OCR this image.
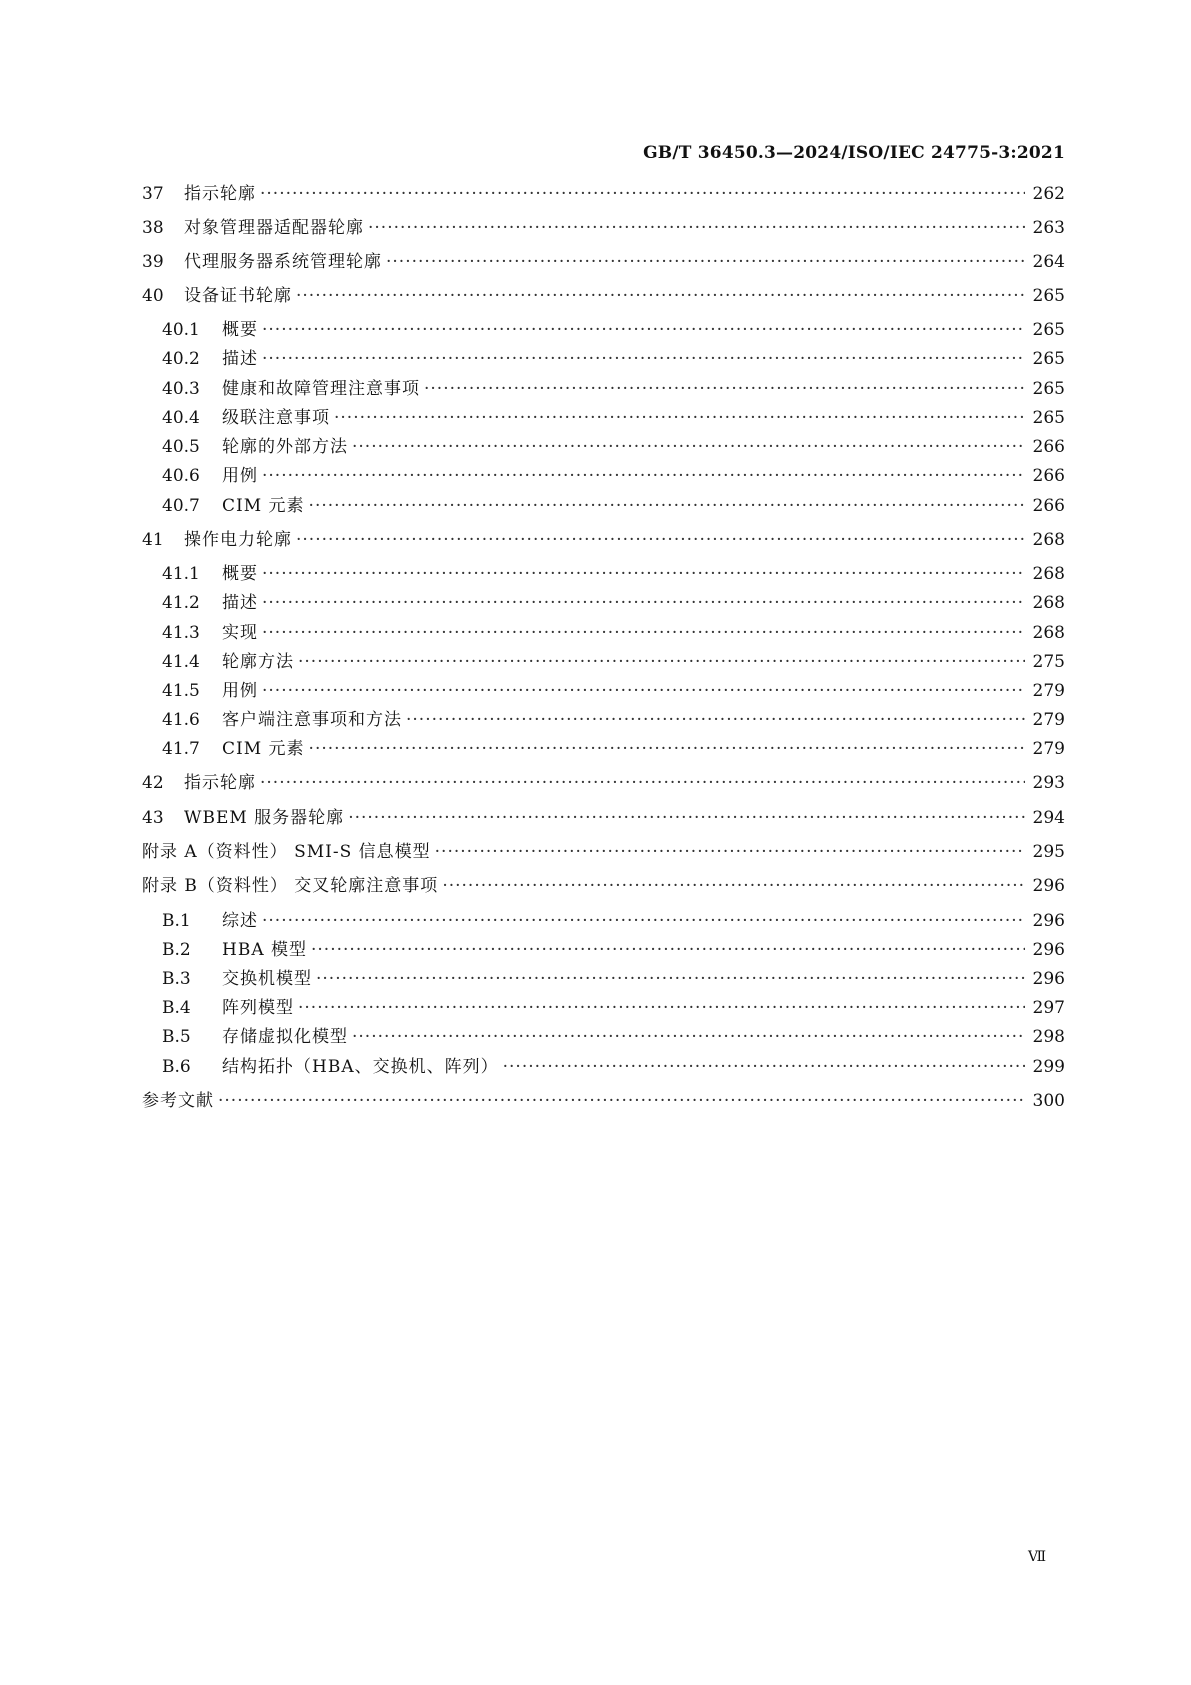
GB/T 36450.3—2024/ISO/IEC 24775-3:2021
37	指示轮廓 ·····	262
38	对象管理器适配器轮廓 ·····	263
39	代理服务器系统管理轮廓 ·····	264
40	设备证书轮廓 ·····	265
40.1	概要 ·····	265
40.2	描述 ·····	265
40.3	健康和故障管理注意事项 ·····	265
40.4	级联注意事项 ·····	265
40.5	轮廓的外部方法 ·····	266
40.6	用例 ·····	266
40.7	CIM 元素 ·····	266
41	操作电力轮廓 ·····	268
41.1	概要 ·····	268
41.2	描述 ·····	268
41.3	实现 ·····	268
41.4	轮廓方法 ·····	275
41.5	用例 ·····	279
41.6	客户端注意事项和方法 ·····	279
41.7	CIM 元素 ·····	279
42	指示轮廓 ·····	293
43	WBEM 服务器轮廓 ·····	294
附录 A（资料性） SMI-S 信息模型 ·····	295
附录 B（资料性） 交叉轮廓注意事项 ·····	296
B.1	综述 ·····	296
B.2	HBA 模型 ·····	296
B.3	交换机模型 ·····	296
B.4	阵列模型 ·····	297
B.5	存储虚拟化模型 ·····	298
B.6	结构拓扑（HBA、交换机、阵列） ·····	299
参考文献 ·····	300
Ⅶ
